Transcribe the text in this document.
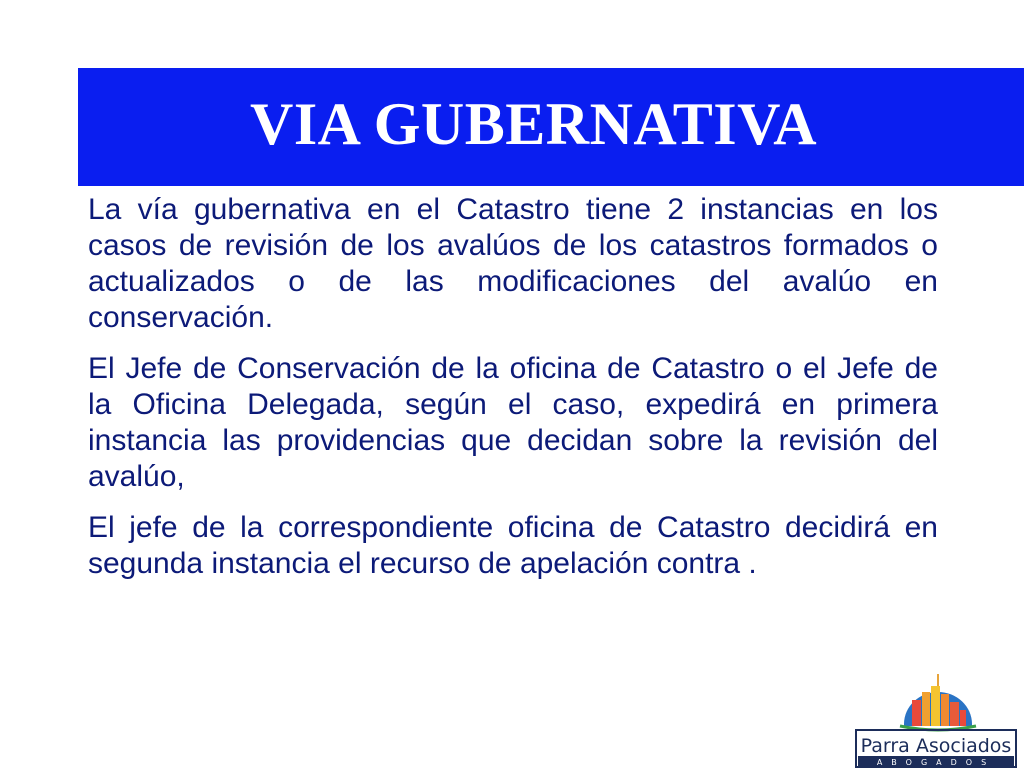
VIA GUBERNATIVA

La vía gubernativa en el Catastro tiene 2 instancias en los casos de revisión de los avalúos de los catastros formados o actualizados o de las modificaciones del avalúo en conservación.

El Jefe de Conservación de la oficina de Catastro o el Jefe de la Oficina Delegada, según el caso, expedirá en primera instancia las providencias que decidan sobre la revisión del avalúo,

El jefe de la correspondiente oficina de Catastro decidirá en segunda instancia el recurso de apelación contra .

Parra Asociados
ABOGADOS
